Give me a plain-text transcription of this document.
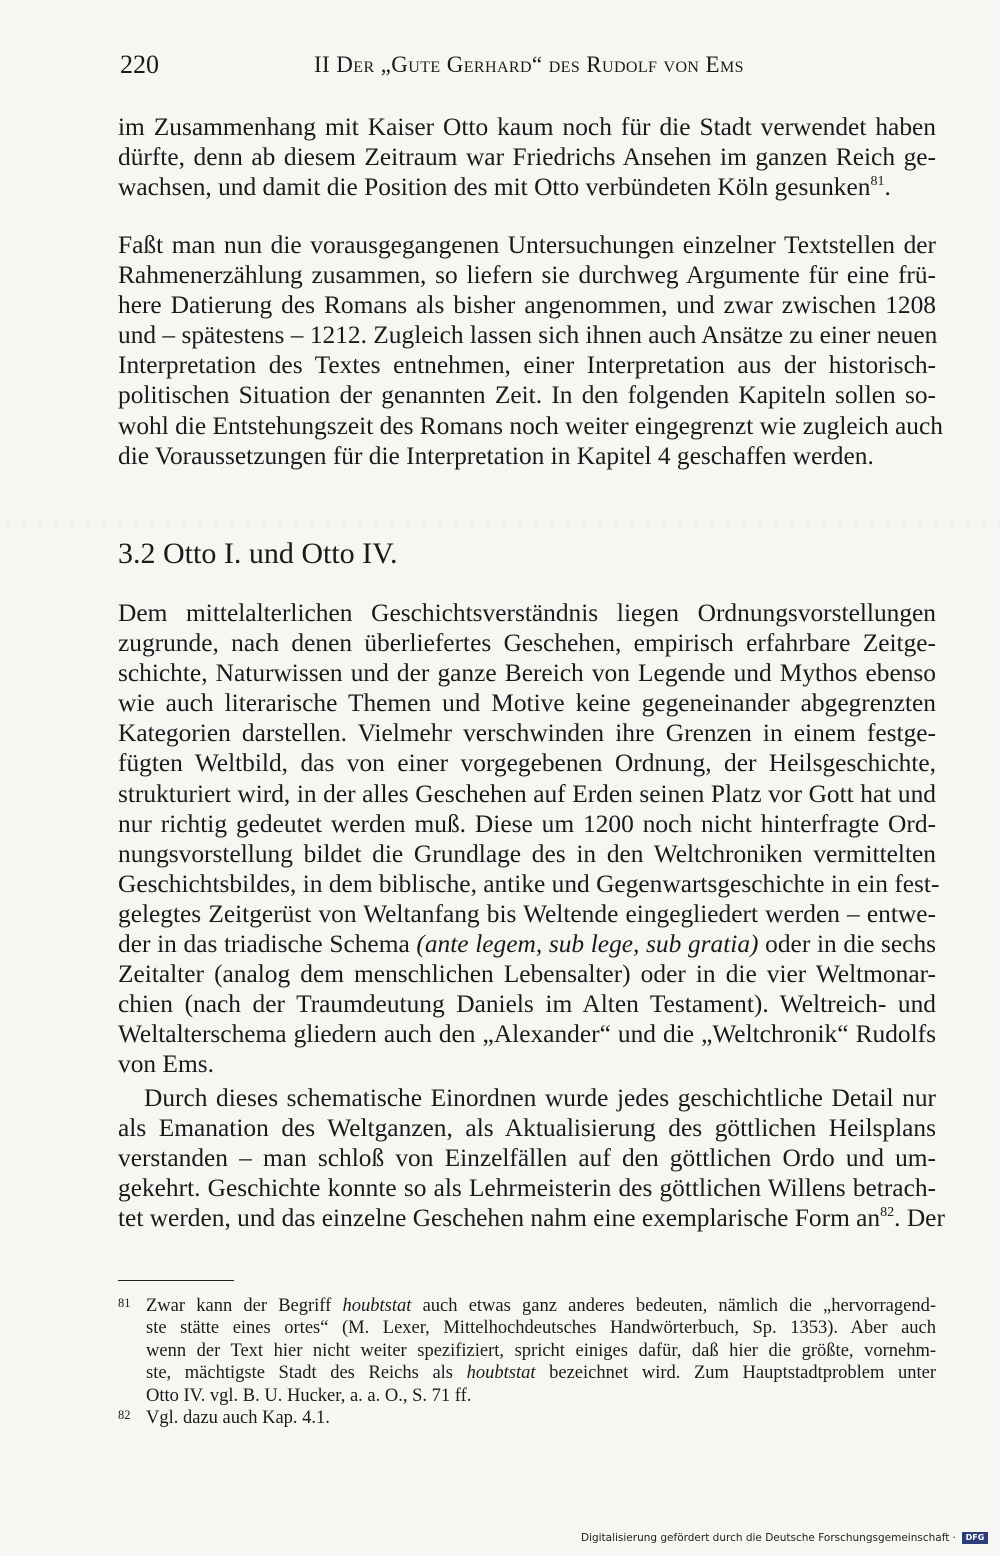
220	II Der „Gute Gerhard“ des Rudolf von Ems
im Zusammenhang mit Kaiser Otto kaum noch für die Stadt verwendet haben
dürfte, denn ab diesem Zeitraum war Friedrichs Ansehen im ganzen Reich ge-
wachsen, und damit die Position des mit Otto verbündeten Köln gesunken$^{81}$.
Faßt man nun die vorausgegangenen Untersuchungen einzelner Textstellen der
Rahmenerzählung zusammen, so liefern sie durchweg Argumente für eine frü-
here Datierung des Romans als bisher angenommen, und zwar zwischen 1208
und – spätestens – 1212. Zugleich lassen sich ihnen auch Ansätze zu einer neuen
Interpretation des Textes entnehmen, einer Interpretation aus der historisch-
politischen Situation der genannten Zeit. In den folgenden Kapiteln sollen so-
wohl die Entstehungszeit des Romans noch weiter eingegrenzt wie zugleich auch
die Voraussetzungen für die Interpretation in Kapitel 4 geschaffen werden.
3.2 Otto I. und Otto IV.
Dem mittelalterlichen Geschichtsverständnis liegen Ordnungsvorstellungen
zugrunde, nach denen überliefertes Geschehen, empirisch erfahrbare Zeitge-
schichte, Naturwissen und der ganze Bereich von Legende und Mythos ebenso
wie auch literarische Themen und Motive keine gegeneinander abgegrenzten
Kategorien darstellen. Vielmehr verschwinden ihre Grenzen in einem festge-
fügten Weltbild, das von einer vorgegebenen Ordnung, der Heilsgeschichte,
strukturiert wird, in der alles Geschehen auf Erden seinen Platz vor Gott hat und
nur richtig gedeutet werden muß. Diese um 1200 noch nicht hinterfragte Ord-
nungsvorstellung bildet die Grundlage des in den Weltchroniken vermittelten
Geschichtsbildes, in dem biblische, antike und Gegenwartsgeschichte in ein fest-
gelegtes Zeitgerüst von Weltanfang bis Weltende eingegliedert werden – entwe-
der in das triadische Schema (ante legem, sub lege, sub gratia) oder in die sechs
Zeitalter (analog dem menschlichen Lebensalter) oder in die vier Weltmonar-
chien (nach der Traumdeutung Daniels im Alten Testament). Weltreich- und
Weltalterschema gliedern auch den „Alexander“ und die „Weltchronik“ Rudolfs
von Ems.
Durch dieses schematische Einordnen wurde jedes geschichtliche Detail nur
als Emanation des Weltganzen, als Aktualisierung des göttlichen Heilsplans
verstanden – man schloß von Einzelfällen auf den göttlichen Ordo und um-
gekehrt. Geschichte konnte so als Lehrmeisterin des göttlichen Willens betrach-
tet werden, und das einzelne Geschehen nahm eine exemplarische Form $an^{82}$. Der
81 Zwar kann der Begriff houbtstat auch etwas ganz anderes bedeuten, nämlich die „hervorragend-
ste stätte eines ortes“ (M. Lexer, Mittelhochdeutsches Handwörterbuch, Sp. 1353). Aber auch
wenn der Text hier nicht weiter spezifiziert, spricht einiges dafür, daß hier die größte, vornehm-
ste, mächtigste Stadt des Reichs als houbtstat bezeichnet wird. Zum Hauptstadtproblem unter
Otto IV. vgl. B. U. Hucker, a. a. O., S. 71 ff.
82 Vgl. dazu auch Kap. 4.1.
Digitalisierung gefördert durch die Deutsche Forschungsgemeinschaft ·	DFG
